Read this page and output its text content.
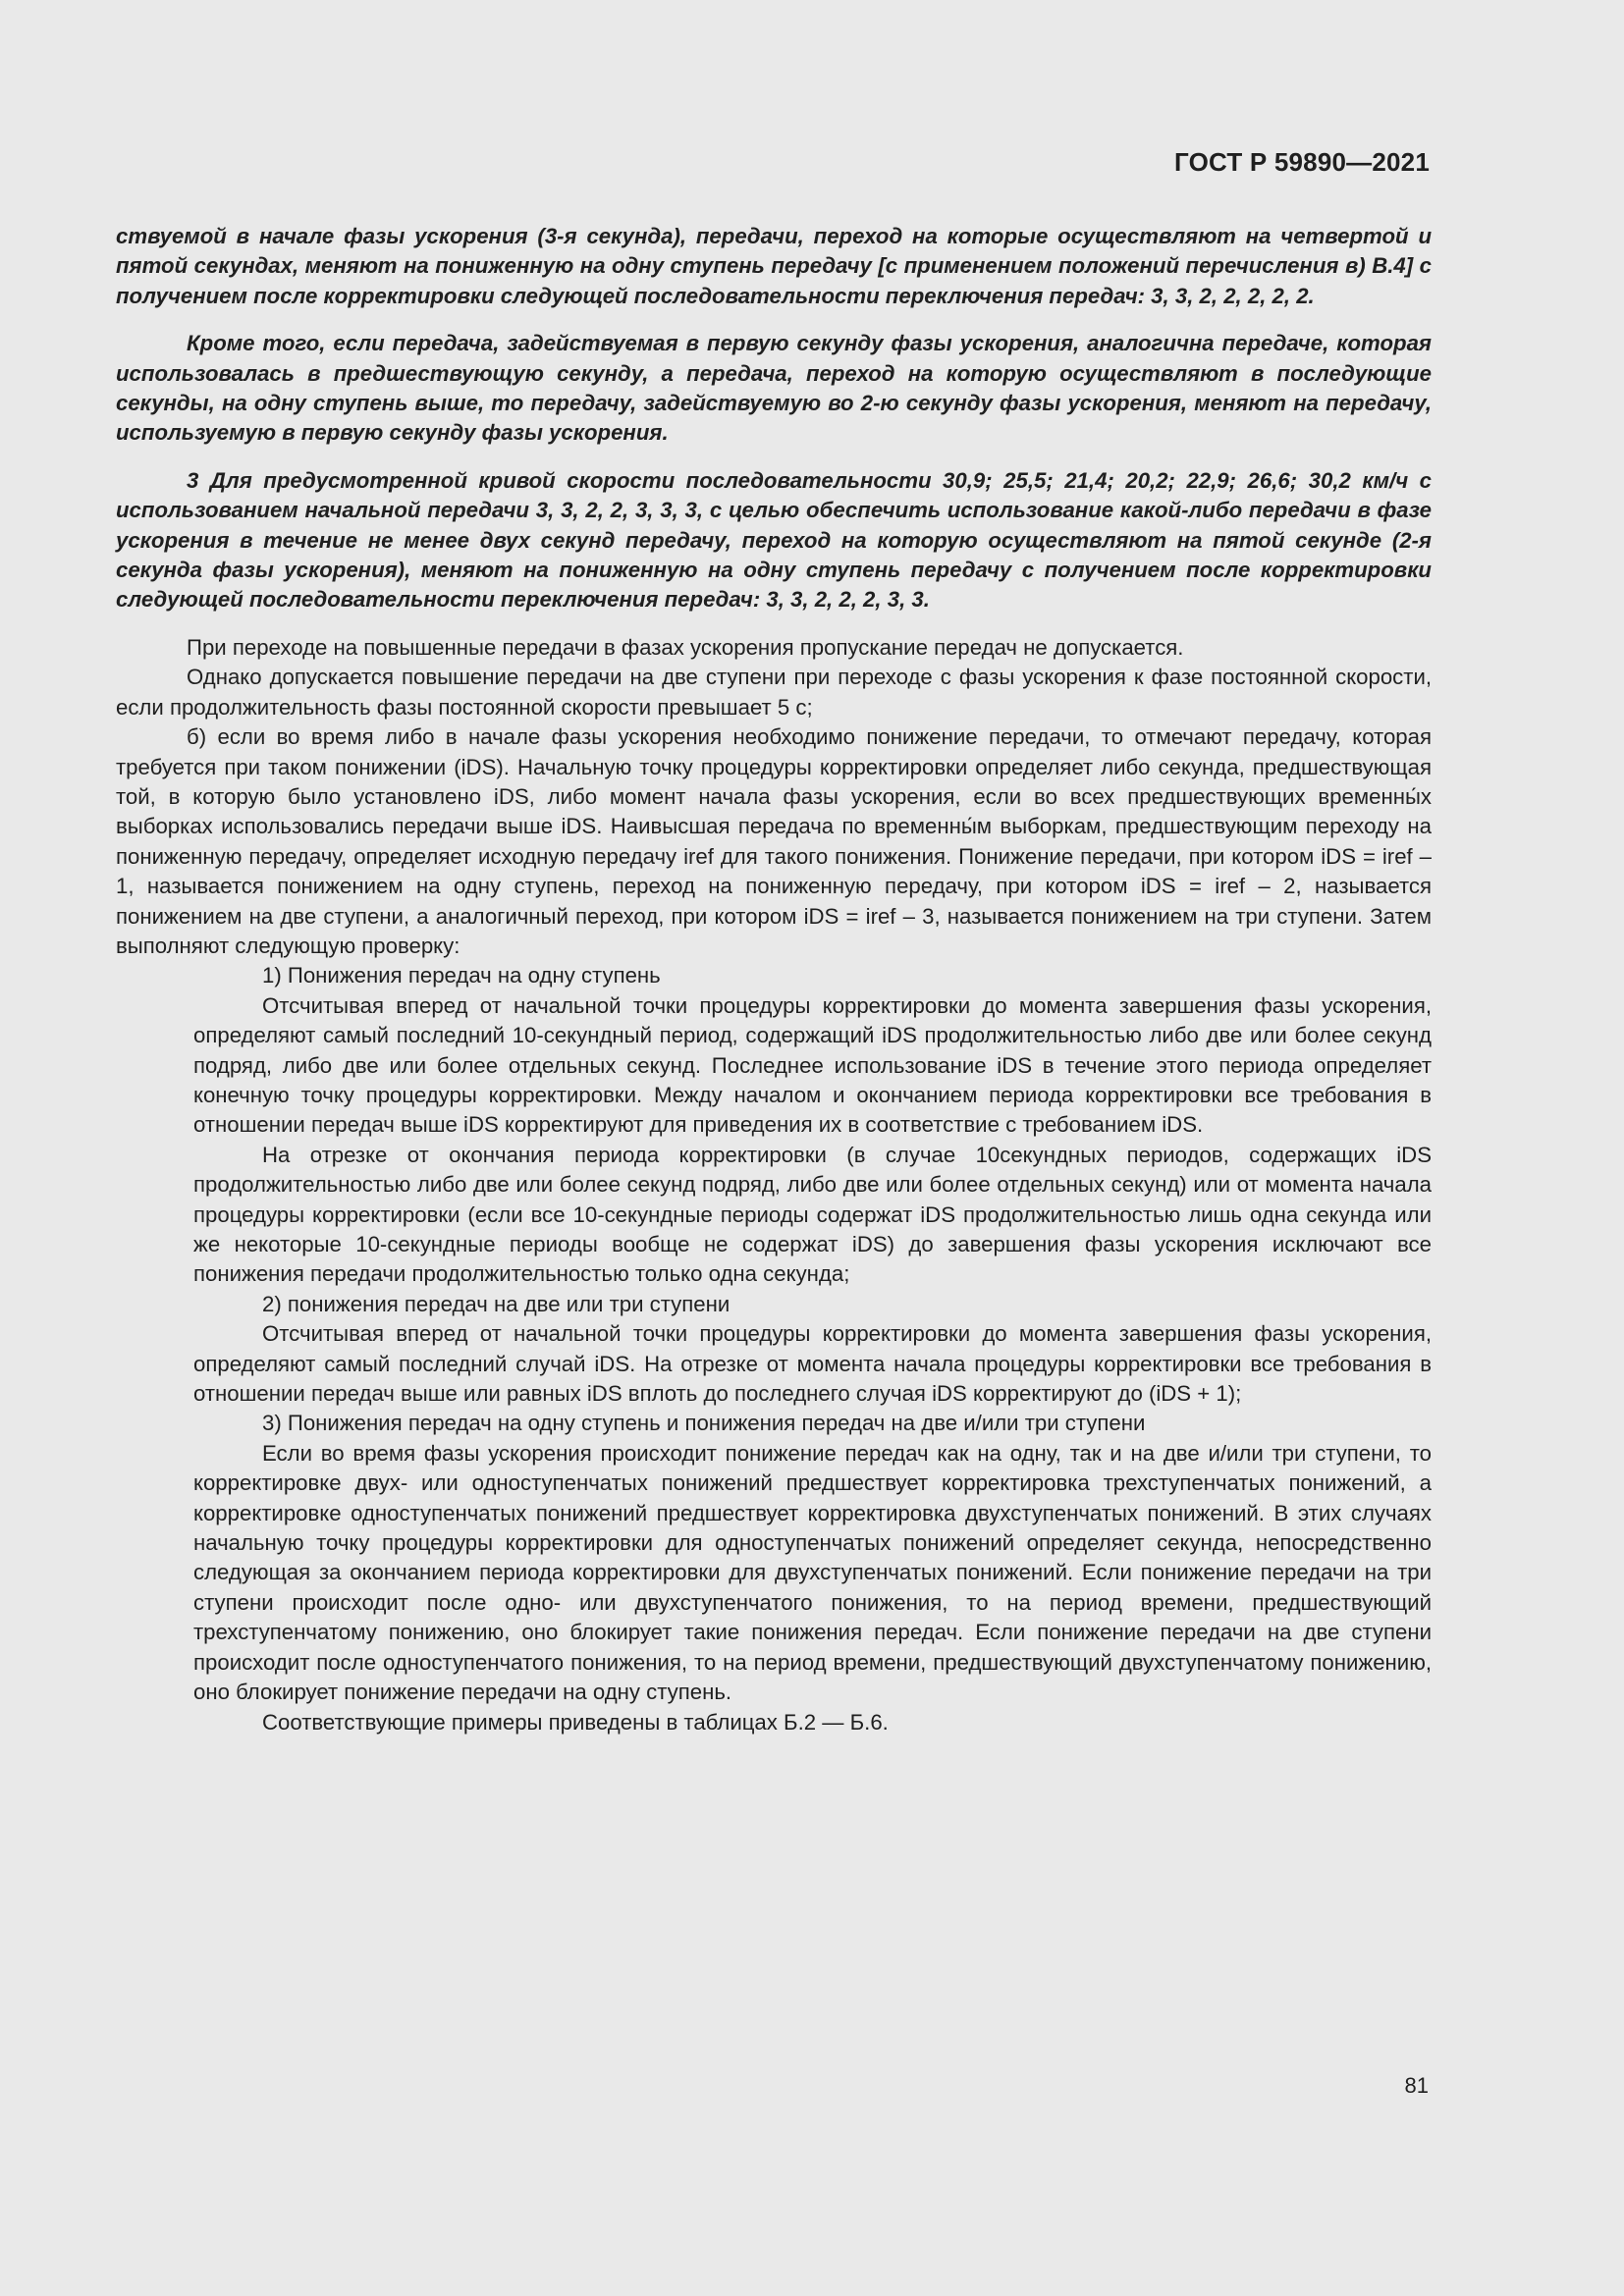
ГОСТ Р 59890—2021

ствуемой в начале фазы ускорения (3-я секунда), передачи, переход на которые осуществляют на четвертой и пятой секундах, меняют на пониженную на одну ступень передачу [с применением положений перечисления в) В.4] с получением после корректировки следующей последовательности переключения передач: 3, 3, 2, 2, 2, 2, 2.

Кроме того, если передача, задействуемая в первую секунду фазы ускорения, аналогична передаче, которая использовалась в предшествующую секунду, а передача, переход на которую осуществляют в последующие секунды, на одну ступень выше, то передачу, задействуемую во 2-ю секунду фазы ускорения, меняют на передачу, используемую в первую секунду фазы ускорения.

3 Для предусмотренной кривой скорости последовательности 30,9; 25,5; 21,4; 20,2; 22,9; 26,6; 30,2 км/ч с использованием начальной передачи 3, 3, 2, 2, 3, 3, 3, с целью обеспечить использование какой-либо передачи в фазе ускорения в течение не менее двух секунд передачу, переход на которую осуществляют на пятой секунде (2-я секунда фазы ускорения), меняют на пониженную на одну ступень передачу с получением после корректировки следующей последовательности переключения передач: 3, 3, 2, 2, 2, 3, 3.

При переходе на повышенные передачи в фазах ускорения пропускание передач не допускается.

Однако допускается повышение передачи на две ступени при переходе с фазы ускорения к фазе постоянной скорости, если продолжительность фазы постоянной скорости превышает 5 с;

б) если во время либо в начале фазы ускорения необходимо понижение передачи, то отмечают передачу, которая требуется при таком понижении (iDS). Начальную точку процедуры корректировки определяет либо секунда, предшествующая той, в которую было установлено iDS, либо момент начала фазы ускорения, если во всех предшествующих временны́х выборках использовались передачи выше iDS. Наивысшая передача по временны́м выборкам, предшествующим переходу на пониженную передачу, определяет исходную передачу iref для такого понижения. Понижение передачи, при котором iDS = iref – 1, называется понижением на одну ступень, переход на пониженную передачу, при котором iDS = iref – 2, называется понижением на две ступени, а аналогичный переход, при котором iDS = iref – 3, называется понижением на три ступени. Затем выполняют следующую проверку:

1) Понижения передач на одну ступень

Отсчитывая вперед от начальной точки процедуры корректировки до момента завершения фазы ускорения, определяют самый последний 10-секундный период, содержащий iDS продолжительностью либо две или более секунд подряд, либо две или более отдельных секунд. Последнее использование iDS в течение этого периода определяет конечную точку процедуры корректировки. Между началом и окончанием периода корректировки все требования в отношении передач выше iDS корректируют для приведения их в соответствие с требованием iDS.

На отрезке от окончания периода корректировки (в случае 10секундных периодов, содержащих iDS продолжительностью либо две или более секунд подряд, либо две или более отдельных секунд) или от момента начала процедуры корректировки (если все 10-секундные периоды содержат iDS продолжительностью лишь одна секунда или же некоторые 10-секундные периоды вообще не содержат iDS) до завершения фазы ускорения исключают все понижения передачи продолжительностью только одна секунда;

2) понижения передач на две или три ступени

Отсчитывая вперед от начальной точки процедуры корректировки до момента завершения фазы ускорения, определяют самый последний случай iDS. На отрезке от момента начала процедуры корректировки все требования в отношении передач выше или равных iDS вплоть до последнего случая iDS корректируют до (iDS + 1);

3) Понижения передач на одну ступень и понижения передач на две и/или три ступени

Если во время фазы ускорения происходит понижение передач как на одну, так и на две и/или три ступени, то корректировке двух- или одноступенчатых понижений предшествует корректировка трехступенчатых понижений, а корректировке одноступенчатых понижений предшествует корректировка двухступенчатых понижений. В этих случаях начальную точку процедуры корректировки для одноступенчатых понижений определяет секунда, непосредственно следующая за окончанием периода корректировки для двухступенчатых понижений. Если понижение передачи на три ступени происходит после одно- или двухступенчатого понижения, то на период времени, предшествующий трехступенчатому понижению, оно блокирует такие понижения передач. Если понижение передачи на две ступени происходит после одноступенчатого понижения, то на период времени, предшествующий двухступенчатому понижению, оно блокирует понижение передачи на одну ступень.

Соответствующие примеры приведены в таблицах Б.2 — Б.6.

81
